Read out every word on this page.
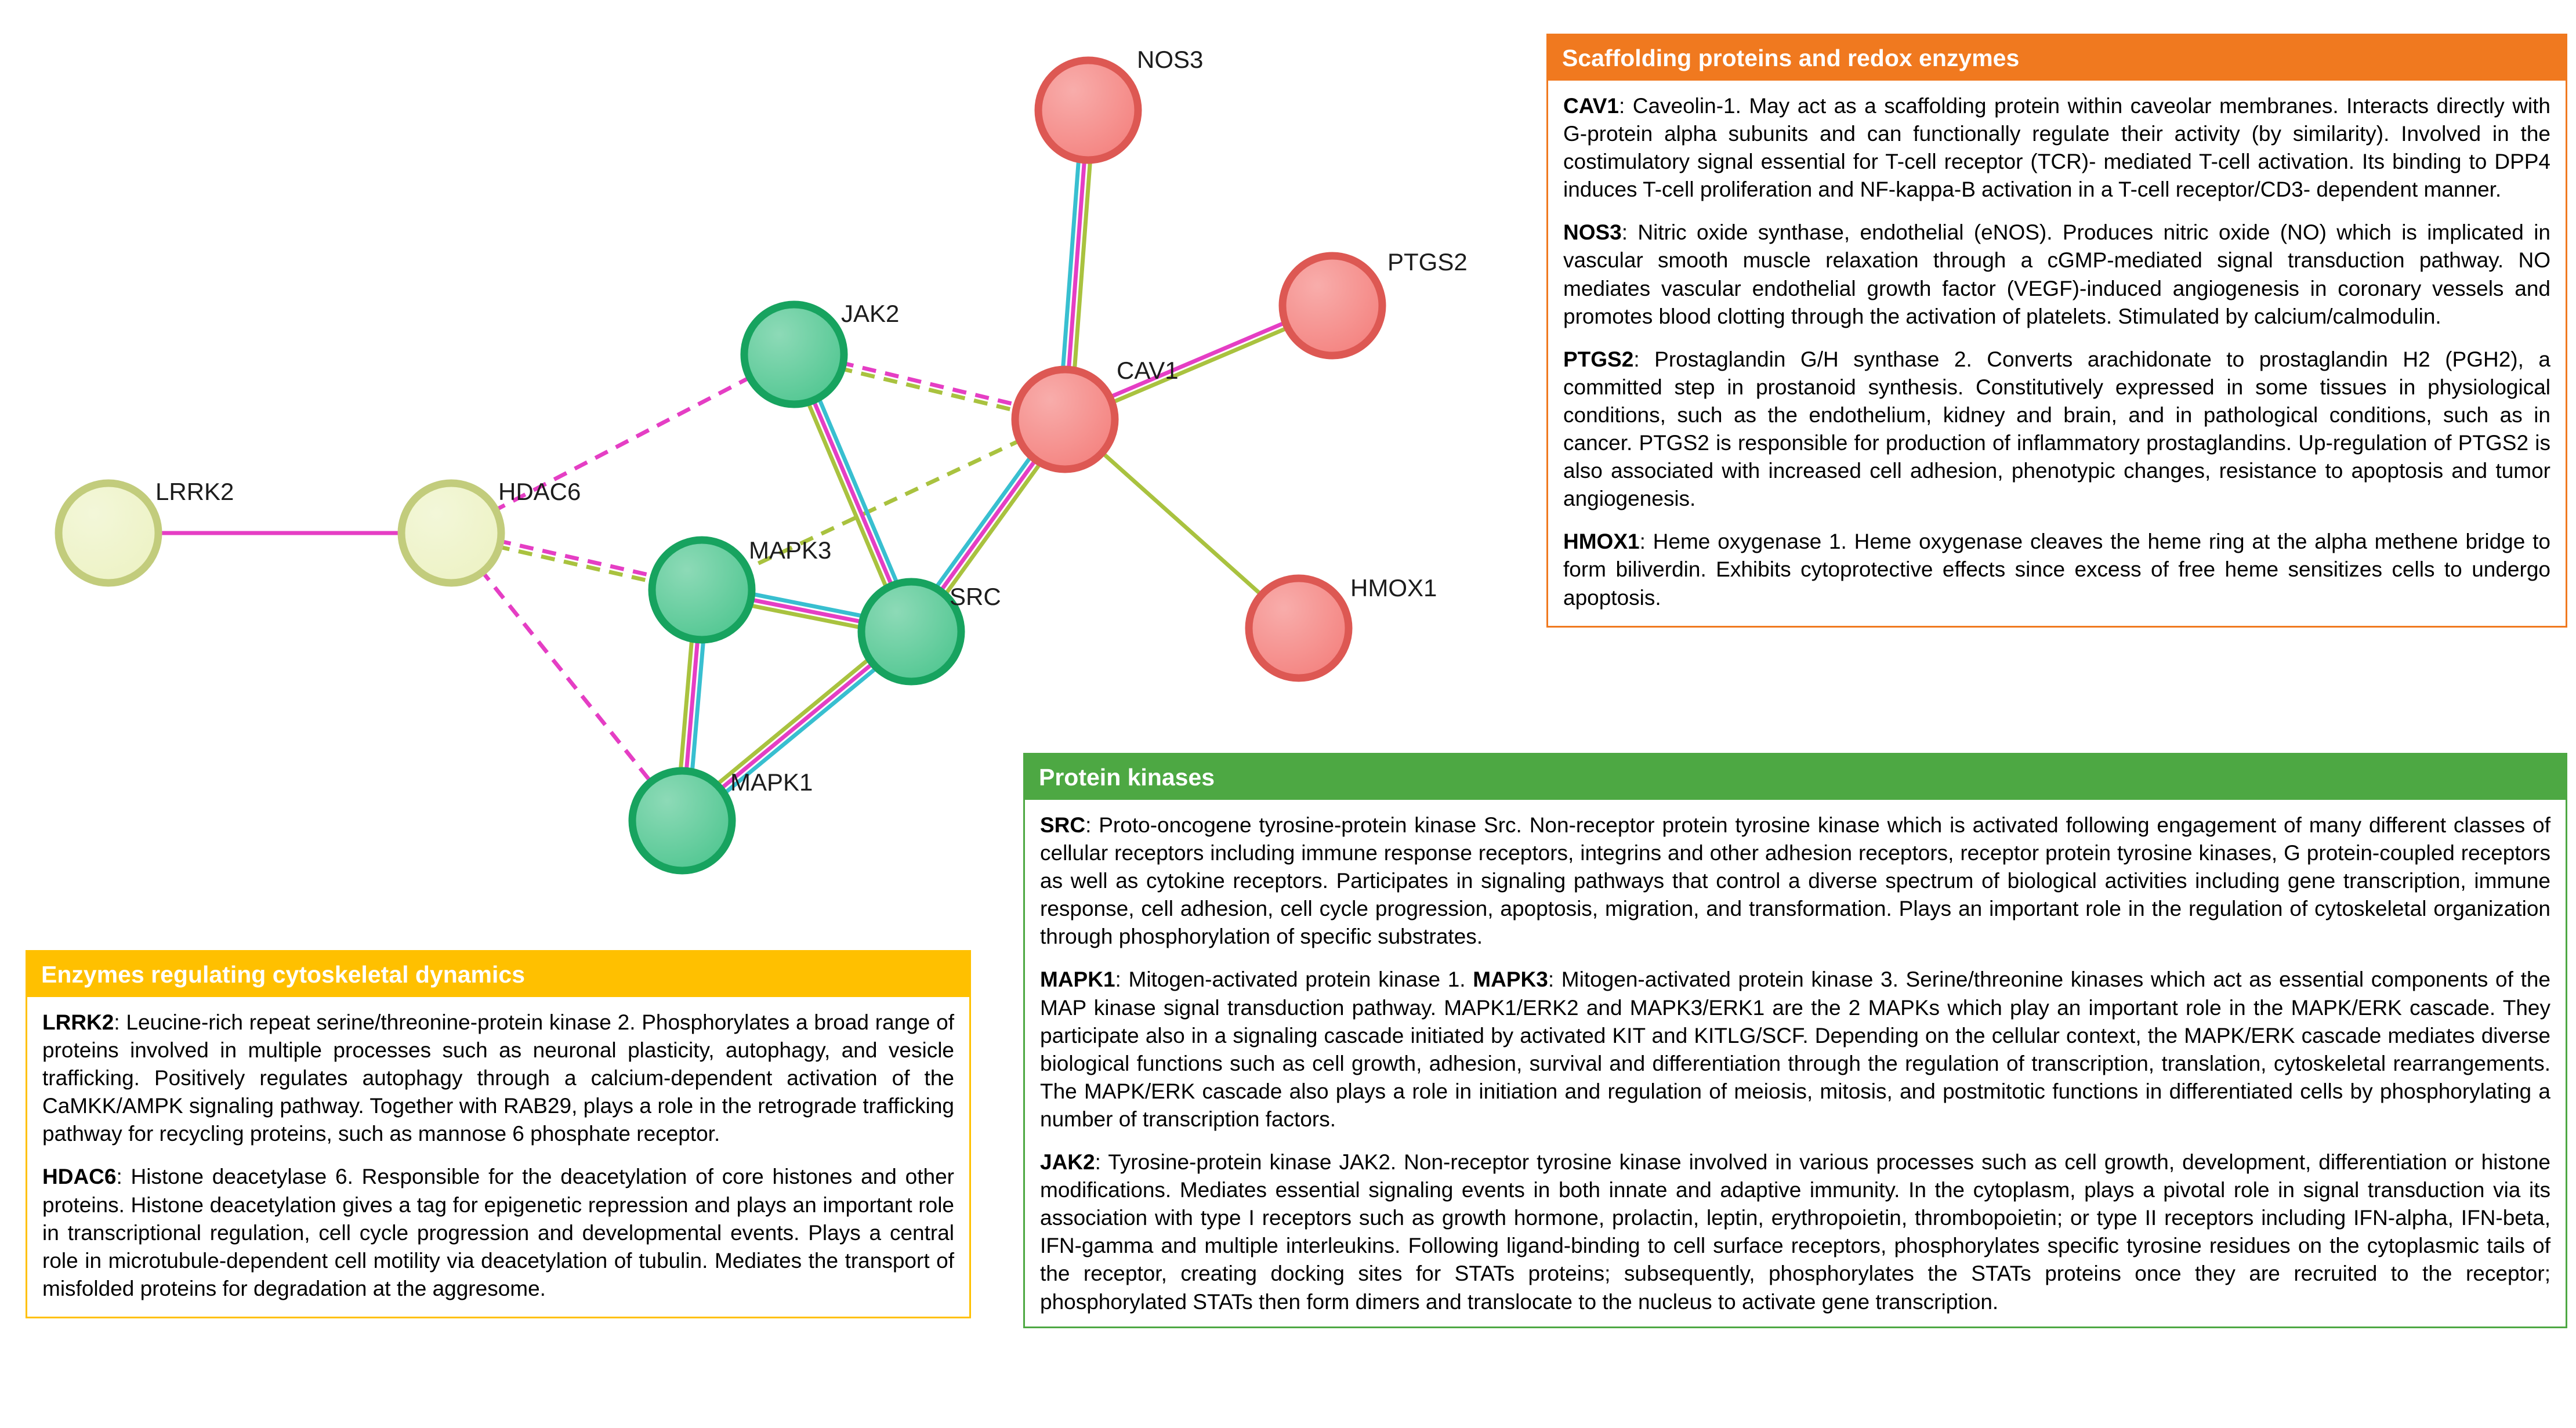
NOS3
PTGS2
CAV1
HMOX1
JAK2
MAPK3
SRC
MAPK1
LRRK2	HDAC6
Scaffolding proteins and redox enzymes

CAV1: Caveolin-1. May act as a scaffolding protein within caveolar membranes. Interacts directly with G-protein alpha subunits and can functionally regulate their activity (by similarity). Involved in the costimulatory signal essential for T-cell receptor (TCR)- mediated T-cell activation. Its binding to DPP4 induces T-cell proliferation and NF-kappa-B activation in a T-cell receptor/CD3- dependent manner.

NOS3: Nitric oxide synthase, endothelial (eNOS). Produces nitric oxide (NO) which is implicated in vascular smooth muscle relaxation through a cGMP-mediated signal transduction pathway. NO mediates vascular endothelial growth factor (VEGF)-induced angiogenesis in coronary vessels and promotes blood clotting through the activation of platelets. Stimulated by calcium/calmodulin.

PTGS2: Prostaglandin G/H synthase 2. Converts arachidonate to prostaglandin H2 (PGH2), a committed step in prostanoid synthesis. Constitutively expressed in some tissues in physiological conditions, such as the endothelium, kidney and brain, and in pathological conditions, such as in cancer. PTGS2 is responsible for production of inflammatory prostaglandins. Up-regulation of PTGS2 is also associated with increased cell adhesion, phenotypic changes, resistance to apoptosis and tumor angiogenesis.

HMOX1: Heme oxygenase 1. Heme oxygenase cleaves the heme ring at the alpha methene bridge to form biliverdin. Exhibits cytoprotective effects since excess of free heme sensitizes cells to undergo apoptosis.

Enzymes regulating cytoskeletal dynamics

LRRK2: Leucine-rich repeat serine/threonine-protein kinase 2. Phosphorylates a broad range of proteins involved in multiple processes such as neuronal plasticity, autophagy, and vesicle trafficking. Positively regulates autophagy through a calcium-dependent activation of the CaMKK/AMPK signaling pathway. Together with RAB29, plays a role in the retrograde trafficking pathway for recycling proteins, such as mannose 6 phosphate receptor.

HDAC6: Histone deacetylase 6. Responsible for the deacetylation of core histones and other proteins. Histone deacetylation gives a tag for epigenetic repression and plays an important role in transcriptional regulation, cell cycle progression and developmental events. Plays a central role in microtubule-dependent cell motility via deacetylation of tubulin. Mediates the transport of misfolded proteins for degradation at the aggresome.

Protein kinases

SRC: Proto-oncogene tyrosine-protein kinase Src. Non-receptor protein tyrosine kinase which is activated following engagement of many different classes of cellular receptors including immune response receptors, integrins and other adhesion receptors, receptor protein tyrosine kinases, G protein-coupled receptors as well as cytokine receptors. Participates in signaling pathways that control a diverse spectrum of biological activities including gene transcription, immune response, cell adhesion, cell cycle progression, apoptosis, migration, and transformation. Plays an important role in the regulation of cytoskeletal organization through phosphorylation of specific substrates.

MAPK1: Mitogen-activated protein kinase 1. MAPK3: Mitogen-activated protein kinase 3. Serine/threonine kinases which act as essential components of the MAP kinase signal transduction pathway. MAPK1/ERK2 and MAPK3/ERK1 are the 2 MAPKs which play an important role in the MAPK/ERK cascade. They participate also in a signaling cascade initiated by activated KIT and KITLG/SCF. Depending on the cellular context, the MAPK/ERK cascade mediates diverse biological functions such as cell growth, adhesion, survival and differentiation through the regulation of transcription, translation, cytoskeletal rearrangements. The MAPK/ERK cascade also plays a role in initiation and regulation of meiosis, mitosis, and postmitotic functions in differentiated cells by phosphorylating a number of transcription factors.

JAK2: Tyrosine-protein kinase JAK2. Non-receptor tyrosine kinase involved in various processes such as cell growth, development, differentiation or histone modifications. Mediates essential signaling events in both innate and adaptive immunity. In the cytoplasm, plays a pivotal role in signal transduction via its association with type I receptors such as growth hormone, prolactin, leptin, erythropoietin, thrombopoietin; or type II receptors including IFN-alpha, IFN-beta, IFN-gamma and multiple interleukins. Following ligand-binding to cell surface receptors, phosphorylates specific tyrosine residues on the cytoplasmic tails of the receptor, creating docking sites for STATs proteins; subsequently, phosphorylates the STATs proteins once they are recruited to the receptor; phosphorylated STATs then form dimers and translocate to the nucleus to activate gene transcription.
